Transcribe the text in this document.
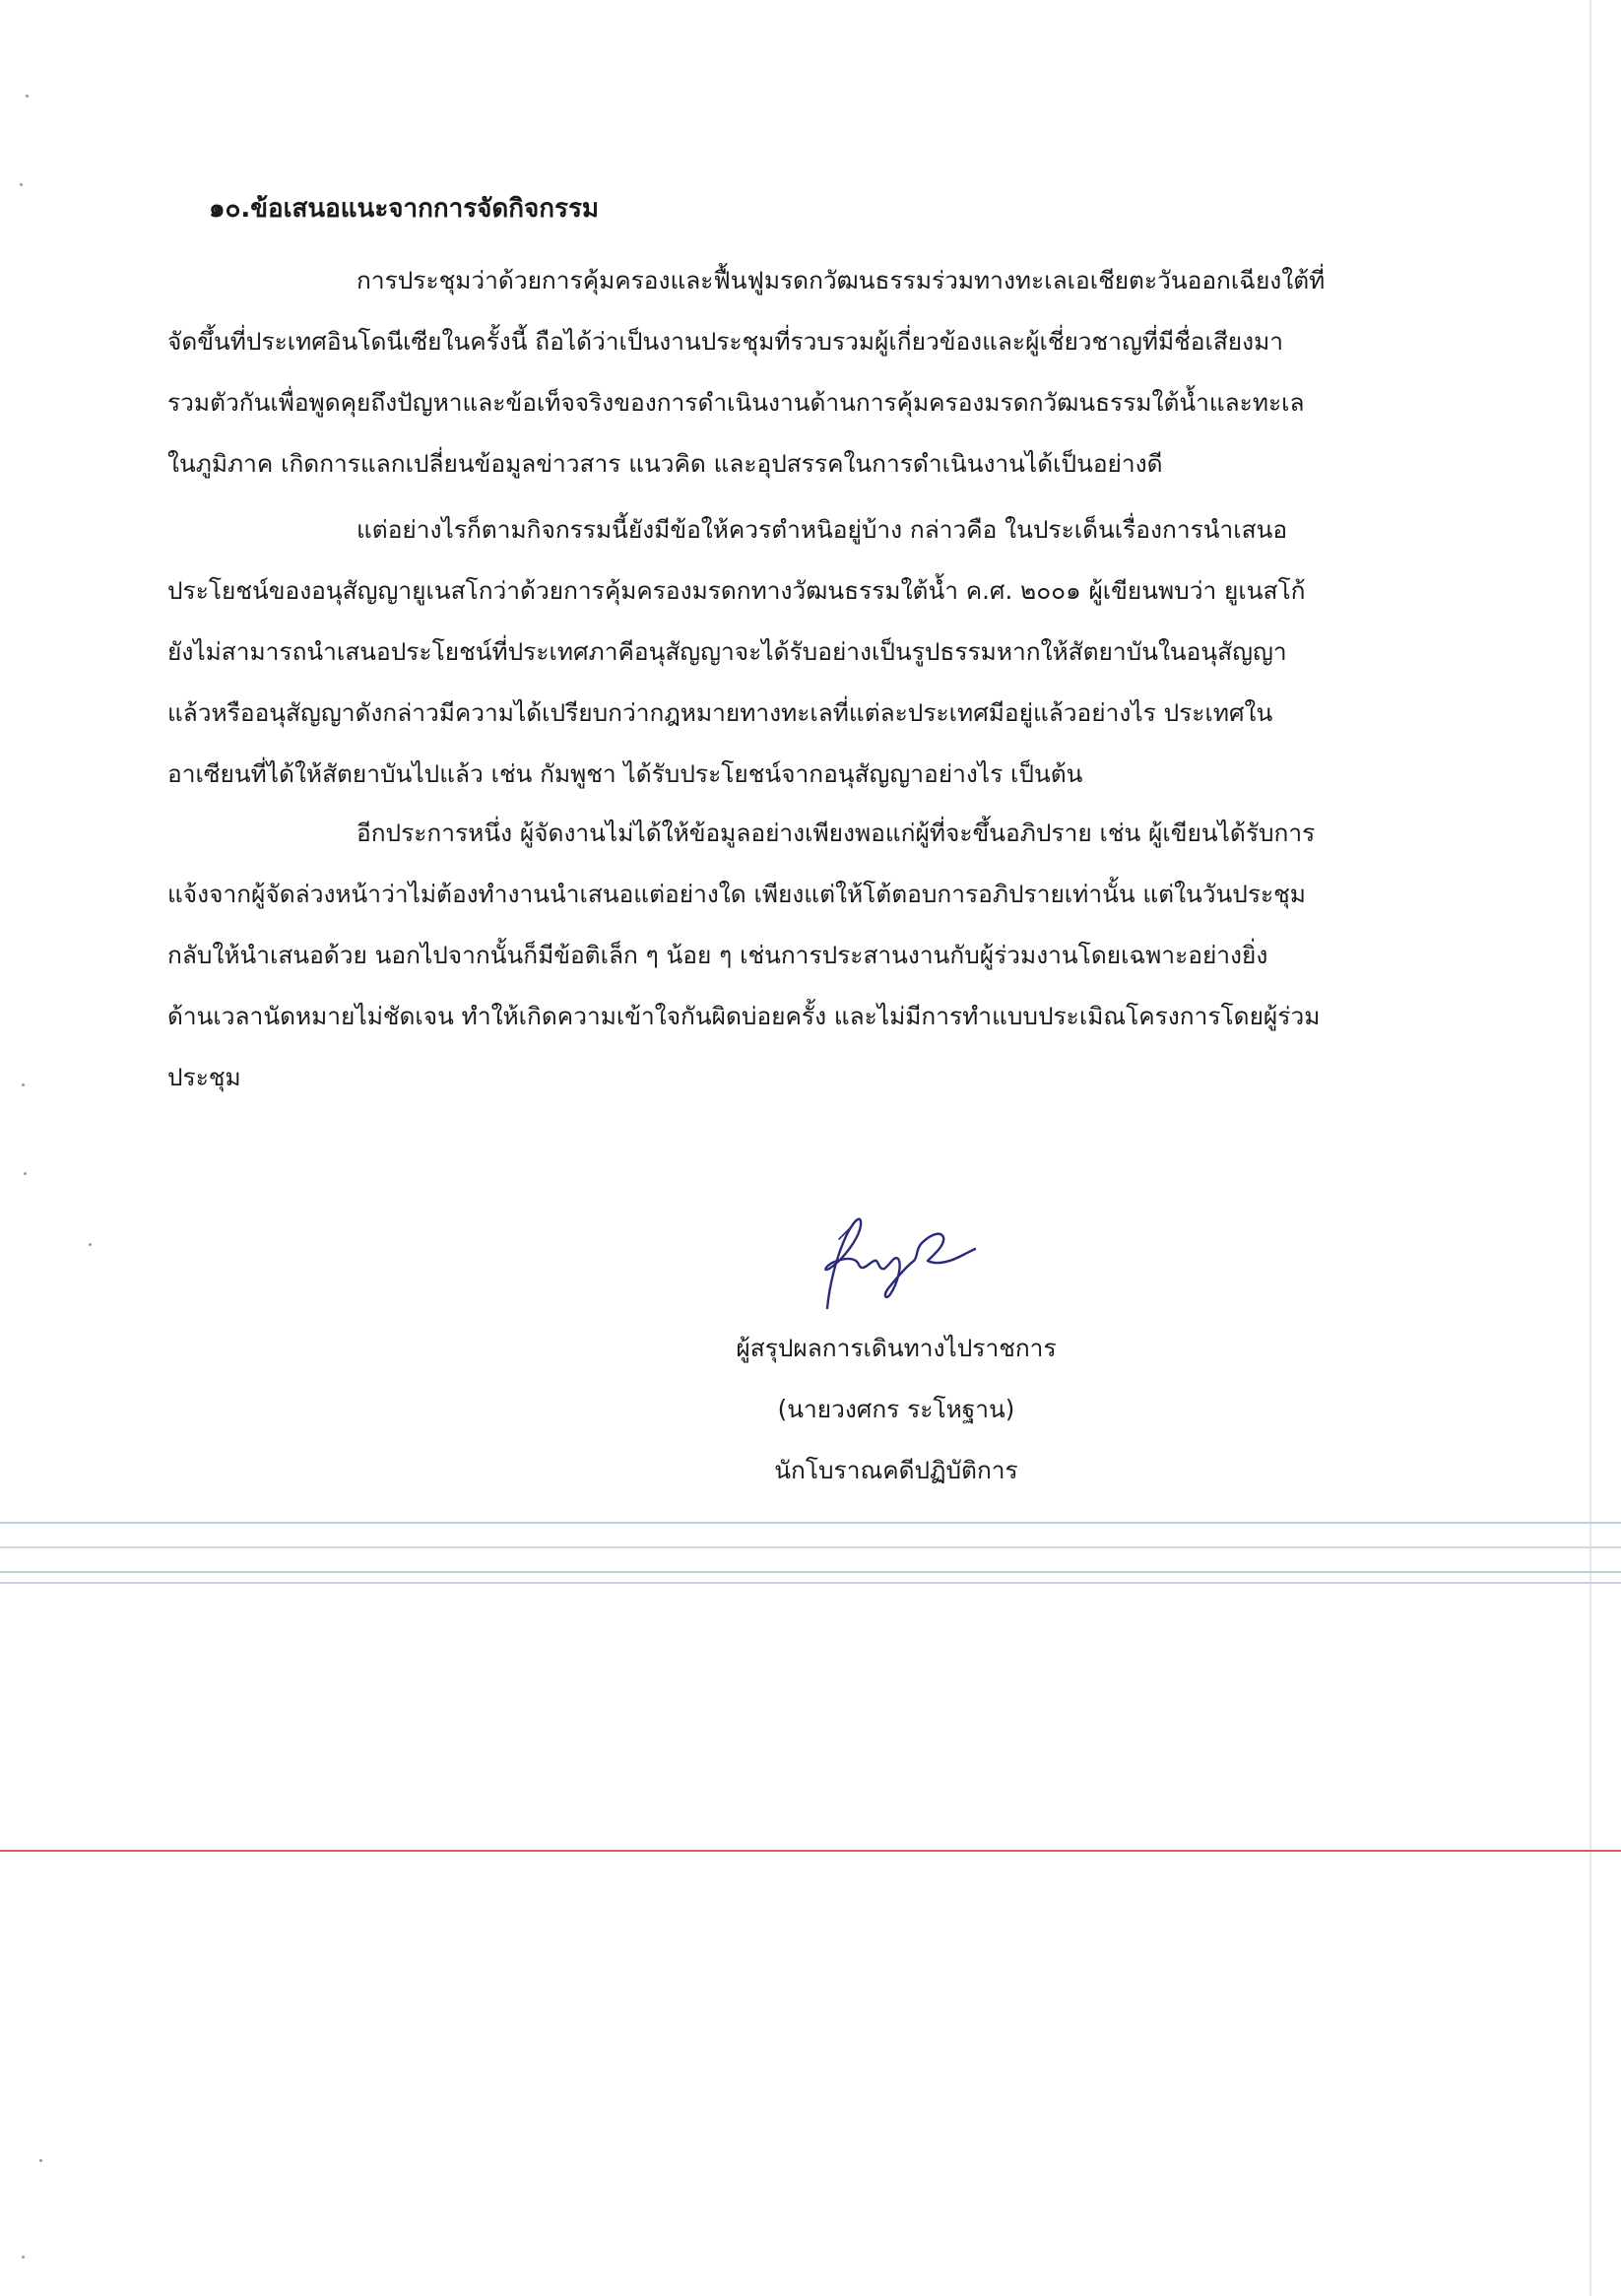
๑๐.ข้อเสนอแนะจากการจัดกิจกรรม
การประชุมว่าด้วยการคุ้มครองและฟื้นฟูมรดกวัฒนธรรมร่วมทางทะเลเอเชียตะวันออกเฉียงใต้ที่
จัดขึ้นที่ประเทศอินโดนีเซียในครั้งนี้ ถือได้ว่าเป็นงานประชุมที่รวบรวมผู้เกี่ยวข้องและผู้เชี่ยวชาญที่มีชื่อเสียงมา
รวมตัวกันเพื่อพูดคุยถึงปัญหาและข้อเท็จจริงของการดำเนินงานด้านการคุ้มครองมรดกวัฒนธรรมใต้น้ำและทะเล
ในภูมิภาค เกิดการแลกเปลี่ยนข้อมูลข่าวสาร แนวคิด และอุปสรรคในการดำเนินงานได้เป็นอย่างดี
แต่อย่างไรก็ตามกิจกรรมนี้ยังมีข้อให้ควรตำหนิอยู่บ้าง กล่าวคือ ในประเด็นเรื่องการนำเสนอ
ประโยชน์ของอนุสัญญายูเนสโกว่าด้วยการคุ้มครองมรดกทางวัฒนธรรมใต้น้ำ ค.ศ. ๒๐๐๑ ผู้เขียนพบว่า ยูเนสโก้
ยังไม่สามารถนำเสนอประโยชน์ที่ประเทศภาคีอนุสัญญาจะได้รับอย่างเป็นรูปธรรมหากให้สัตยาบันในอนุสัญญา
แล้วหรืออนุสัญญาดังกล่าวมีความได้เปรียบกว่ากฎหมายทางทะเลที่แต่ละประเทศมีอยู่แล้วอย่างไร ประเทศใน
อาเซียนที่ได้ให้สัตยาบันไปแล้ว เช่น กัมพูชา ได้รับประโยชน์จากอนุสัญญาอย่างไร เป็นต้น
อีกประการหนึ่ง ผู้จัดงานไม่ได้ให้ข้อมูลอย่างเพียงพอแก่ผู้ที่จะขึ้นอภิปราย เช่น ผู้เขียนได้รับการ
แจ้งจากผู้จัดล่วงหน้าว่าไม่ต้องทำงานนำเสนอแต่อย่างใด เพียงแต่ให้โต้ตอบการอภิปรายเท่านั้น แต่ในวันประชุม
กลับให้นำเสนอด้วย นอกไปจากนั้นก็มีข้อติเล็ก ๆ น้อย ๆ เช่นการประสานงานกับผู้ร่วมงานโดยเฉพาะอย่างยิ่ง
ด้านเวลานัดหมายไม่ชัดเจน ทำให้เกิดความเข้าใจกันผิดบ่อยครั้ง และไม่มีการทำแบบประเมิณโครงการโดยผู้ร่วม
ประชุม
ผู้สรุปผลการเดินทางไปราชการ
(นายวงศกร ระโหฐาน)
นักโบราณคดีปฏิบัติการ
